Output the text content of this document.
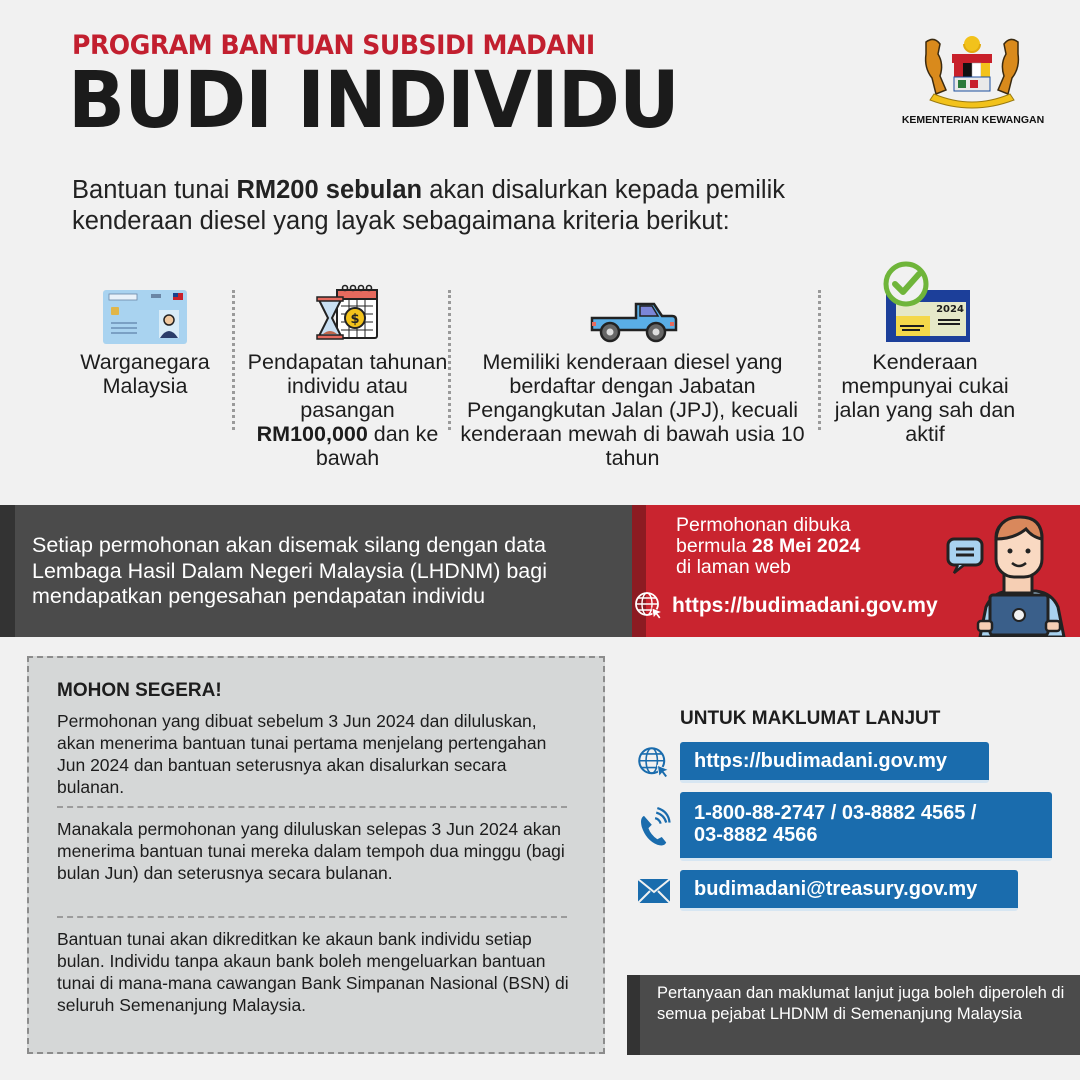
PROGRAM BANTUAN SUBSIDI MADANI
BUDI INDIVIDU	KEMENTERIAN KEWANGAN
Bantuan tunai RM200 sebulan akan disalurkan kepada pemilik kenderaan diesel yang layak sebagaimana kriteria berikut:
Warganegara
Malaysia
$
Pendapatan tahunan individu atau pasangan
RM100,000 dan ke bawah
Memiliki kenderaan diesel yang berdaftar dengan Jabatan Pengangkutan Jalan (JPJ), kecuali kenderaan mewah di bawah usia 10 tahun
2024
Kenderaan mempunyai cukai jalan yang sah dan aktif
Setiap permohonan akan disemak silang dengan data Lembaga Hasil Dalam Negeri Malaysia (LHDNM) bagi mendapatkan pengesahan pendapatan individu
Permohonan dibuka
bermula 28 Mei 2024
di laman web
https://budimadani.gov.my
MOHON SEGERA!
Permohonan yang dibuat sebelum 3 Jun 2024 dan diluluskan, akan menerima bantuan tunai pertama menjelang pertengahan Jun 2024 dan bantuan seterusnya akan disalurkan secara bulanan.
Manakala permohonan yang diluluskan selepas 3 Jun 2024 akan menerima bantuan tunai mereka dalam tempoh dua minggu (bagi bulan Jun) dan seterusnya secara bulanan.
Bantuan tunai akan dikreditkan ke akaun bank individu setiap bulan. Individu tanpa akaun bank boleh mengeluarkan bantuan tunai di mana-mana cawangan Bank Simpanan Nasional (BSN) di seluruh Semenanjung Malaysia.
UNTUK MAKLUMAT LANJUT
https://budimadani.gov.my
1-800-88-2747 / 03-8882 4565 /
03-8882 4566
budimadani@treasury.gov.my
Pertanyaan dan maklumat lanjut juga boleh diperoleh di semua pejabat LHDNM di Semenanjung Malaysia
